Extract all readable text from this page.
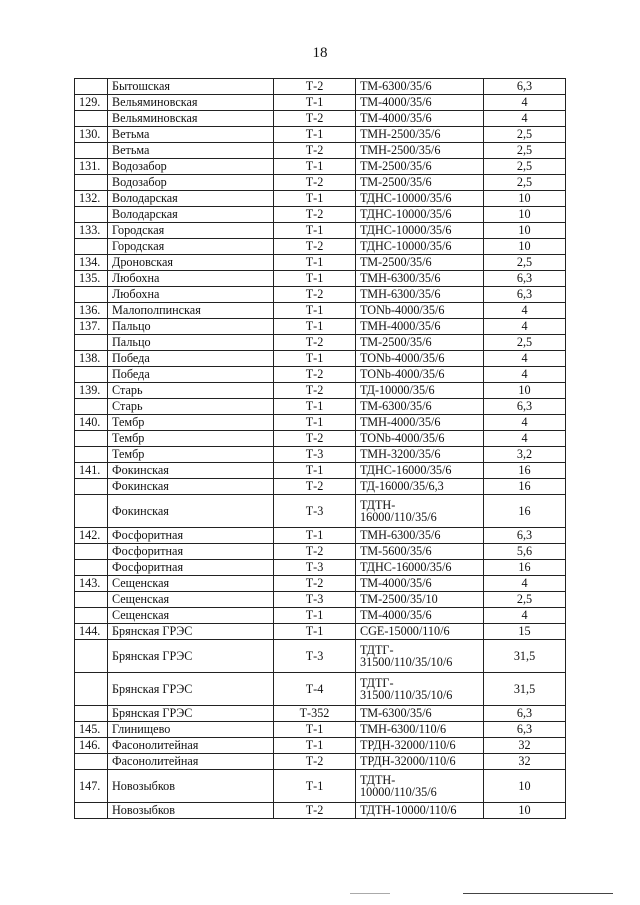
18
	Бытошская	Т-2	ТМ-6300/35/6	6,3
129.	Вельяминовская	Т-1	ТМ-4000/35/6	4
	Вельяминовская	Т-2	ТМ-4000/35/6	4
130.	Ветьма	Т-1	ТМН-2500/35/6	2,5
	Ветьма	Т-2	ТМН-2500/35/6	2,5
131.	Водозабор	Т-1	ТМ-2500/35/6	2,5
	Водозабор	Т-2	ТМ-2500/35/6	2,5
132.	Володарская	Т-1	ТДНС-10000/35/6	10
	Володарская	Т-2	ТДНС-10000/35/6	10
133.	Городская	Т-1	ТДНС-10000/35/6	10
	Городская	Т-2	ТДНС-10000/35/6	10
134.	Дроновская	Т-1	ТМ-2500/35/6	2,5
135.	Любохна	Т-1	ТМН-6300/35/6	6,3
	Любохна	Т-2	ТМН-6300/35/6	6,3
136.	Малополпинская	Т-1	ТОNb-4000/35/6	4
137.	Пальцо	Т-1	ТМН-4000/35/6	4
	Пальцо	Т-2	ТМ-2500/35/6	2,5
138.	Победа	Т-1	ТОNb-4000/35/6	4
	Победа	Т-2	ТОNb-4000/35/6	4
139.	Старь	Т-2	ТД-10000/35/6	10
	Старь	Т-1	ТМ-6300/35/6	6,3
140.	Тембр	Т-1	ТМН-4000/35/6	4
	Тембр	Т-2	ТОNb-4000/35/6	4
	Тембр	Т-3	ТМН-3200/35/6	3,2
141.	Фокинская	Т-1	ТДНС-16000/35/6	16
	Фокинская	Т-2	ТД-16000/35/6,3	16
	Фокинская	Т-3	ТДТН-
16000/110/35/6	16
142.	Фосфоритная	Т-1	ТМН-6300/35/6	6,3
	Фосфоритная	Т-2	ТМ-5600/35/6	5,6
	Фосфоритная	Т-3	ТДНС-16000/35/6	16
143.	Сещенская	Т-2	ТМ-4000/35/6	4
	Сещенская	Т-3	ТМ-2500/35/10	2,5
	Сещенская	Т-1	ТМ-4000/35/6	4
144.	Брянская ГРЭС	Т-1	CGE-15000/110/6	15
	Брянская ГРЭС	Т-3	ТДТГ-
31500/110/35/10/6	31,5
	Брянская ГРЭС	Т-4	ТДТГ-
31500/110/35/10/6	31,5
	Брянская ГРЭС	Т-352	ТМ-6300/35/6	6,3
145.	Глинищево	Т-1	ТМН-6300/110/6	6,3
146.	Фасонолитейная	Т-1	ТРДН-32000/110/6	32
	Фасонолитейная	Т-2	ТРДН-32000/110/6	32
147.	Новозыбков	Т-1	ТДТН-
10000/110/35/6	10
	Новозыбков	Т-2	ТДТН-10000/110/6	10
